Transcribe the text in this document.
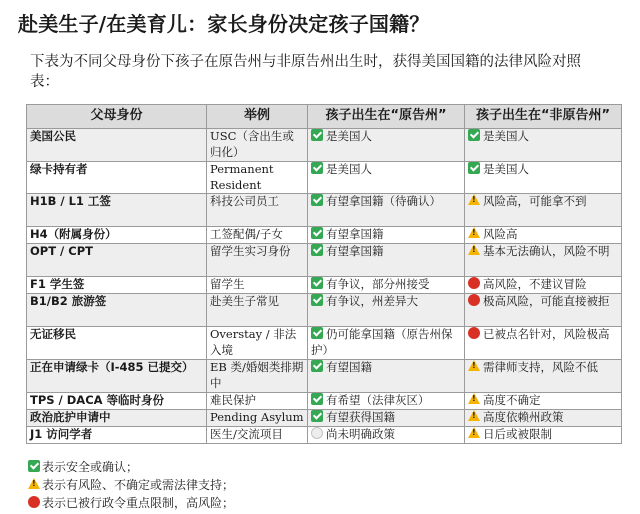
赴美生子/在美育儿：家长身份决定孩子国籍？
下表为不同父母身份下孩子在原告州与非原告州出生时，获得美国国籍的法律风险对照表：
父母身份	举例	孩子出生在“原告州”	孩子出生在“非原告州”
美国公民	USC（含出生或归化）	是美国人	是美国人
绿卡持有者	Permanent Resident	是美国人	是美国人
H1B / L1 工签	科技公司员工	有望拿国籍（待确认）	!风险高，可能拿不到
H4（附属身份）	工签配偶/子女	有望拿国籍	!风险高
OPT / CPT	留学生实习身份	有望拿国籍	!基本无法确认，风险不明
F1 学生签	留学生	有争议，部分州接受	高风险，不建议冒险
B1/B2 旅游签	赴美生子常见	有争议，州差异大	极高风险，可能直接被拒
无证移民	Overstay / 非法入境	仍可能拿国籍（原告州保护）	已被点名针对，风险极高
正在申请绿卡（I-485 已提交）	EB 类/婚姻类排期中	有望国籍	!需律师支持，风险不低
TPS / DACA 等临时身份	难民保护	有希望（法律灰区）	!高度不确定
政治庇护申请中	Pending Asylum	有望获得国籍	!高度依赖州政策
J1 访问学者	医生/交流项目	尚未明确政策	!日后或被限制
表示安全或确认；
!表示有风险、不确定或需法律支持；
表示已被行政令重点限制，高风险；
